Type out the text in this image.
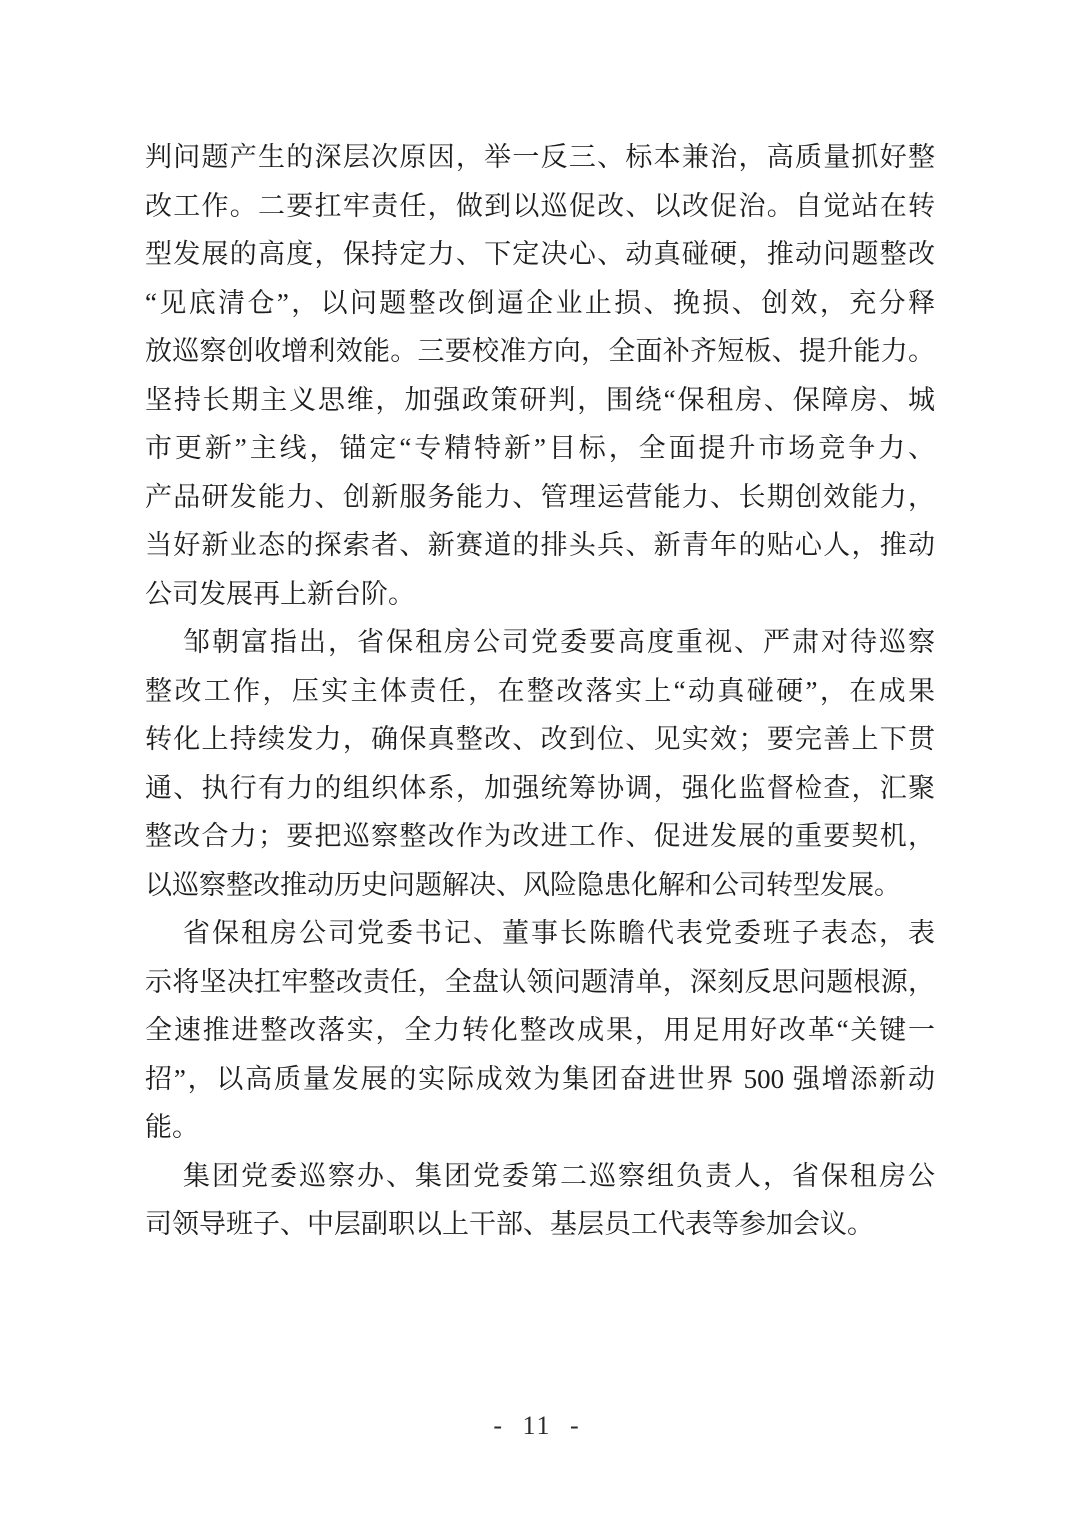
判问题产生的深层次原因，举一反三、标本兼治，高质量抓好整
改工作。二要扛牢责任，做到以巡促改、以改促治。自觉站在转
型发展的高度，保持定力、下定决心、动真碰硬，推动问题整改
“见底清仓”，以问题整改倒逼企业止损、挽损、创效，充分释
放巡察创收增利效能。三要校准方向，全面补齐短板、提升能力。
坚持长期主义思维，加强政策研判，围绕“保租房、保障房、城
市更新”主线，锚定“专精特新”目标，全面提升市场竞争力、
产品研发能力、创新服务能力、管理运营能力、长期创效能力，
当好新业态的探索者、新赛道的排头兵、新青年的贴心人，推动
公司发展再上新台阶。
邹朝富指出，省保租房公司党委要高度重视、严肃对待巡察
整改工作，压实主体责任，在整改落实上“动真碰硬”，在成果
转化上持续发力，确保真整改、改到位、见实效；要完善上下贯
通、执行有力的组织体系，加强统筹协调，强化监督检查，汇聚
整改合力；要把巡察整改作为改进工作、促进发展的重要契机，
以巡察整改推动历史问题解决、风险隐患化解和公司转型发展。
省保租房公司党委书记、董事长陈瞻代表党委班子表态，表
示将坚决扛牢整改责任，全盘认领问题清单，深刻反思问题根源，
全速推进整改落实，全力转化整改成果，用足用好改革“关键一
招”，以高质量发展的实际成效为集团奋进世界 500 强增添新动
能。
集团党委巡察办、集团党委第二巡察组负责人，省保租房公
司领导班子、中层副职以上干部、基层员工代表等参加会议。
- 11 -
